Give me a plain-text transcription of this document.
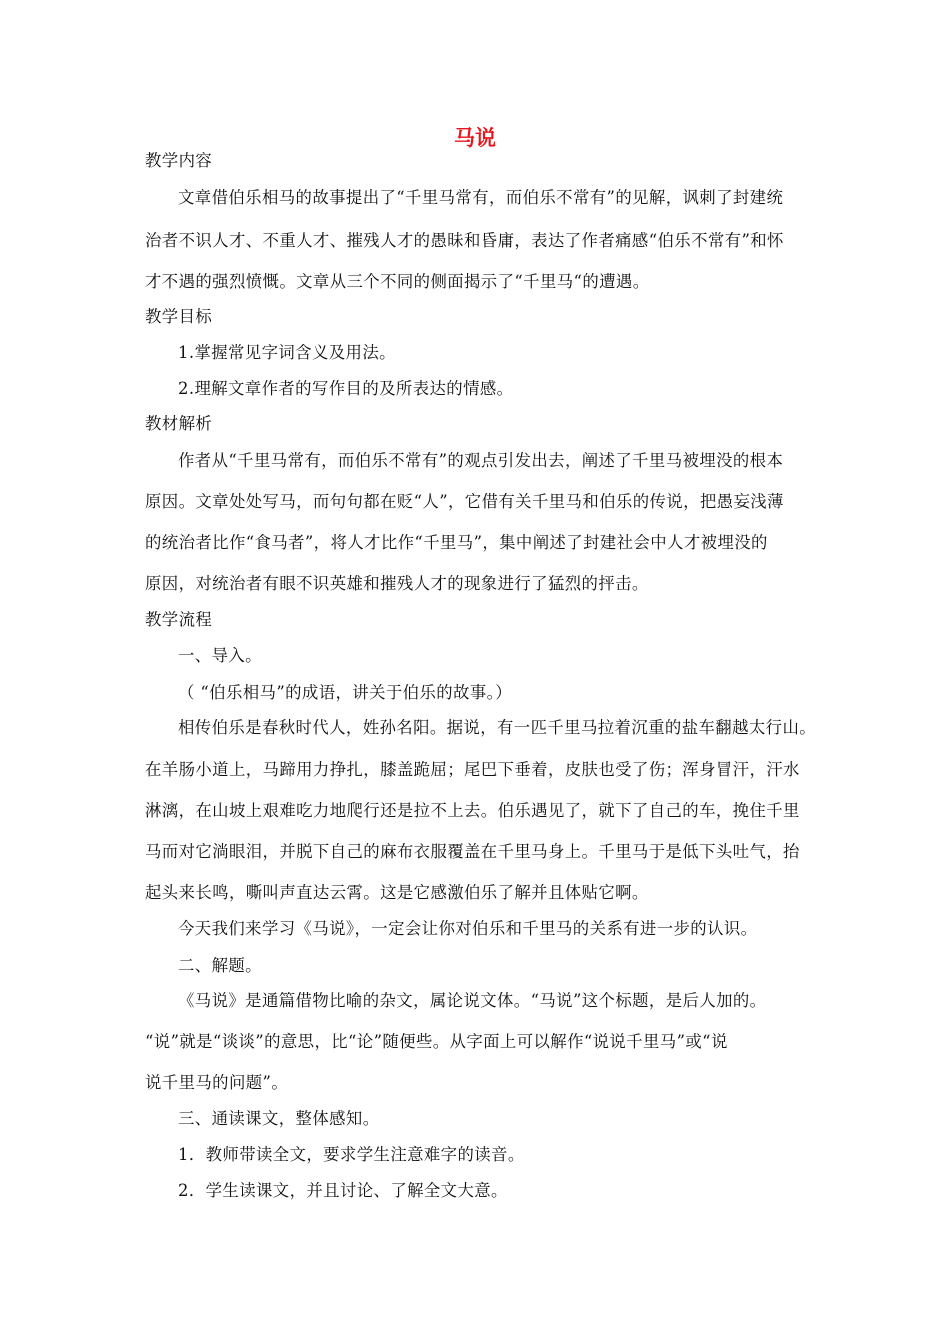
马说
教学内容
文章借伯乐相马的故事提出了“千里马常有，而伯乐不常有”的见解，讽刺了封建统
治者不识人才、不重人才、摧残人才的愚昧和昏庸，表达了作者痛感“伯乐不常有”和怀
才不遇的强烈愤慨。文章从三个不同的侧面揭示了“千里马“的遭遇。
教学目标
1.掌握常见字词含义及用法。
2.理解文章作者的写作目的及所表达的情感。
教材解析
作者从“千里马常有，而伯乐不常有”的观点引发出去，阐述了千里马被埋没的根本
原因。文章处处写马，而句句都在贬“人”，它借有关千里马和伯乐的传说，把愚妄浅薄
的统治者比作“食马者”，将人才比作“千里马”，集中阐述了封建社会中人才被埋没的
原因，对统治者有眼不识英雄和摧残人才的现象进行了猛烈的抨击。
教学流程
一、导入。
（ “伯乐相马”的成语，讲关于伯乐的故事。）
相传伯乐是春秋时代人，姓孙名阳。据说，有一匹千里马拉着沉重的盐车翻越太行山。
在羊肠小道上，马蹄用力挣扎，膝盖跪屈；尾巴下垂着，皮肤也受了伤；浑身冒汗，汗水
淋漓，在山坡上艰难吃力地爬行还是拉不上去。伯乐遇见了，就下了自己的车，挽住千里
马而对它淌眼泪，并脱下自己的麻布衣服覆盖在千里马身上。千里马于是低下头吐气，抬
起头来长鸣，嘶叫声直达云霄。这是它感激伯乐了解并且体贴它啊。
今天我们来学习《马说》，一定会让你对伯乐和千里马的关系有进一步的认识。
二、解题。
《马说》是通篇借物比喻的杂文，属论说文体。“马说”这个标题，是后人加的。
“说”就是“谈谈”的意思，比“论”随便些。从字面上可以解作“说说千里马”或“说
说千里马的问题”。
三、通读课文，整体感知。
1．教师带读全文，要求学生注意难字的读音。
2．学生读课文，并且讨论、了解全文大意。
